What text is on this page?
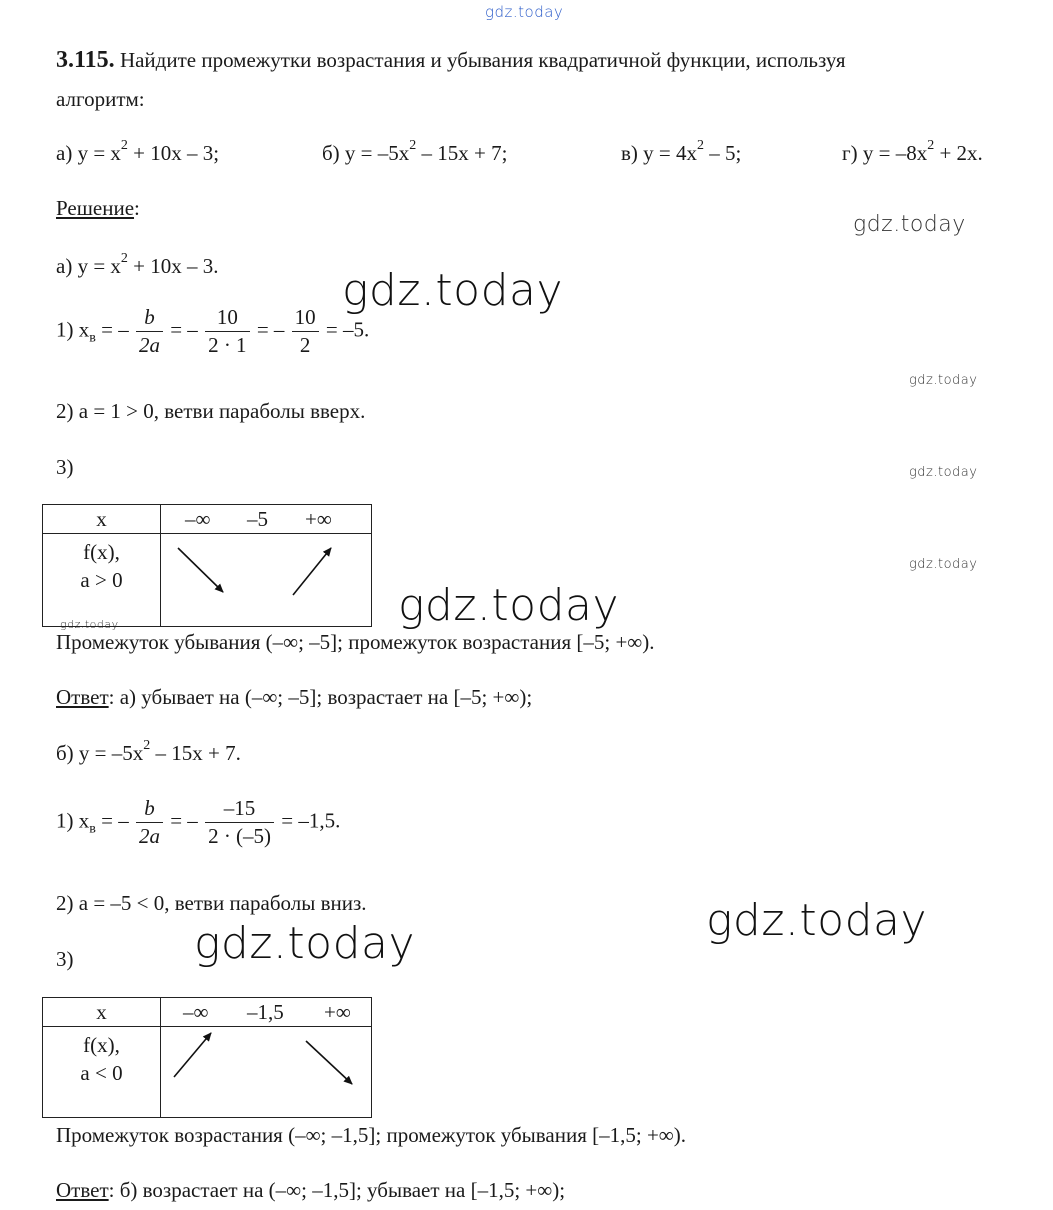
gdz.today
gdz.today
gdz.today
gdz.today
gdz.today
gdz.today
gdz.today	gdz.today
gdz.today
gdz.today
3.115. Найдите промежутки возрастания и убывания квадратичной функции, используя
алгоритм:
а) $y = x^2 + 10x - 3$;	б) $y = -5x^2 - 15x + 7$;	в) $y = 4x^2 - 5$;	г) $y = -8x^2 + 2x$.
Решение:
а) $y = x^2 + 10x - 3$.
1) $x_в$ = – $\frac{b}{2a}$ = – $\frac{10}{2 \cdot 1}$ = – $\frac{10}{2} = -5$.
2) a = 1 > 0, ветви параболы вверх.
3)
x	–∞ –5 +∞

f(x),
a > 0

Промежуток убывания (–∞; –5]; промежуток возрастания [–5; +∞).
Ответ: а) убывает на (–∞; –5]; возрастает на [–5; +∞);
б) $y = -5x^2 - 15x + 7$.
1) $x_в$ = – $\frac{b}{2a}$ = – $\frac{-15}{2 \cdot (-5)} = -1,5$.
2) a = –5 < 0, ветви параболы вниз.
3)
x	–∞ –1,5 +∞

f(x),
a < 0

Промежуток возрастания (–∞; –1,5]; промежуток убывания [–1,5; +∞).
Ответ: б) возрастает на (–∞; –1,5]; убывает на [–1,5; +∞);
